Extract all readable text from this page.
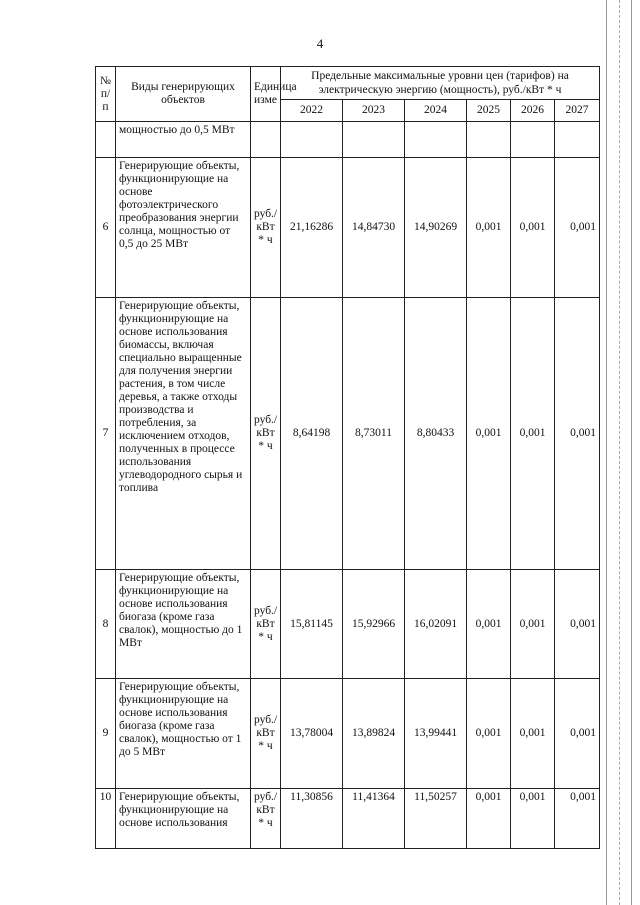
4
№ п/п	Виды генерирующих объектов	Единица изме	Предельные максимальные уровни цен (тарифов) на электрическую энергию (мощность), руб./кВт * ч					
			2022	2023	2024	2025	2026	2027
	мощностью до 0,5 МВт							
6	Генерирующие объекты, функционирующие на основе фотоэлектрического преобразования энергии солнца, мощностью от 0,5 до 25 МВт	руб./ кВт * ч	21,16286	14,84730	14,90269	0,001	0,001	0,001
7	Генерирующие объекты, функционирующие на основе использования биомассы, включая специально выращенные для получения энергии растения, в том числе деревья, а также отходы производства и потребления, за исключением отходов, полученных в процессе использования углеводородного сырья и топлива	руб./ кВт * ч	8,64198	8,73011	8,80433	0,001	0,001	0,001
8	Генерирующие объекты, функционирующие на основе использования биогаза (кроме газа свалок), мощностью до 1 МВт	руб./ кВт * ч	15,81145	15,92966	16,02091	0,001	0,001	0,001
9	Генерирующие объекты, функционирующие на основе использования биогаза (кроме газа свалок), мощностью от 1 до 5 МВт	руб./ кВт * ч	13,78004	13,89824	13,99441	0,001	0,001	0,001
10	Генерирующие объекты, функционирующие на основе использования	руб./ кВт * ч	11,30856	11,41364	11,50257	0,001	0,001	0,001
